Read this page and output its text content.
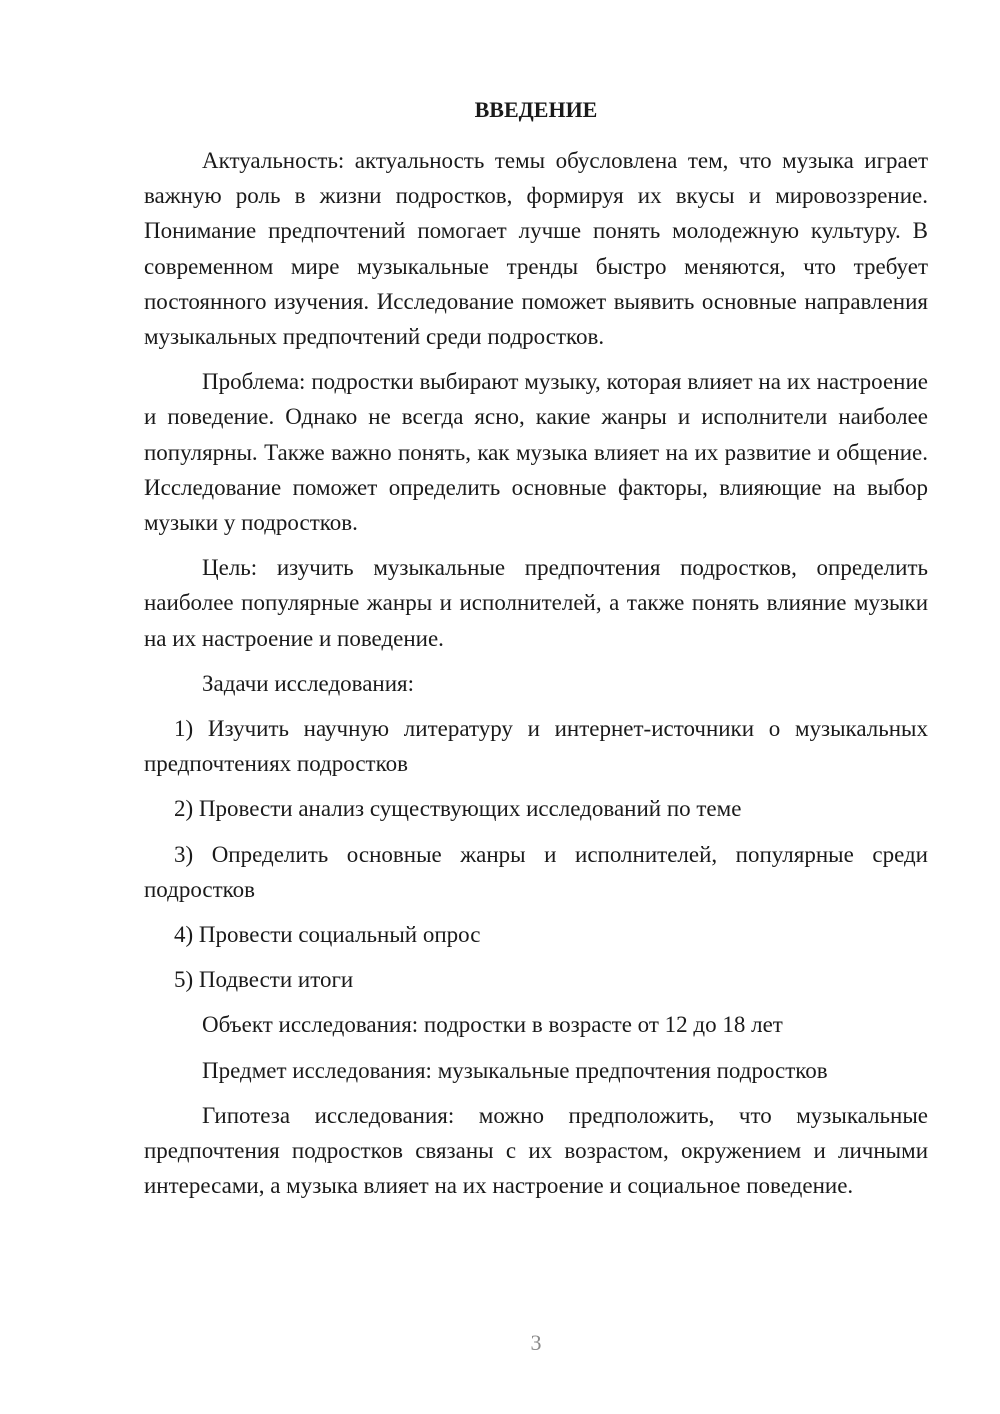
ВВЕДЕНИЕ

Актуальность: актуальность темы обусловлена тем, что музыка играет важную роль в жизни подростков, формируя их вкусы и мировоззрение. Понимание предпочтений помогает лучше понять молодежную культуру. В современном мире музыкальные тренды быстро меняются, что требует постоянного изучения. Исследование поможет выявить основные направления музыкальных предпочтений среди подростков.

Проблема: подростки выбирают музыку, которая влияет на их настроение и поведение. Однако не всегда ясно, какие жанры и исполнители наиболее популярны. Также важно понять, как музыка влияет на их развитие и общение. Исследование поможет определить основные факторы, влияющие на выбор музыки у подростков.

Цель: изучить музыкальные предпочтения подростков, определить наиболее популярные жанры и исполнителей, а также понять влияние музыки на их настроение и поведение.

Задачи исследования:

1) Изучить научную литературу и интернет-источники о музыкальных предпочтениях подростков

2) Провести анализ существующих исследований по теме

3) Определить основные жанры и исполнителей, популярные среди подростков

4) Провести социальный опрос

5) Подвести итоги

Объект исследования: подростки в возрасте от 12 до 18 лет

Предмет исследования: музыкальные предпочтения подростков

Гипотеза исследования: можно предположить, что музыкальные предпочтения подростков связаны с их возрастом, окружением и личными интересами, а музыка влияет на их настроение и социальное поведение.

3
